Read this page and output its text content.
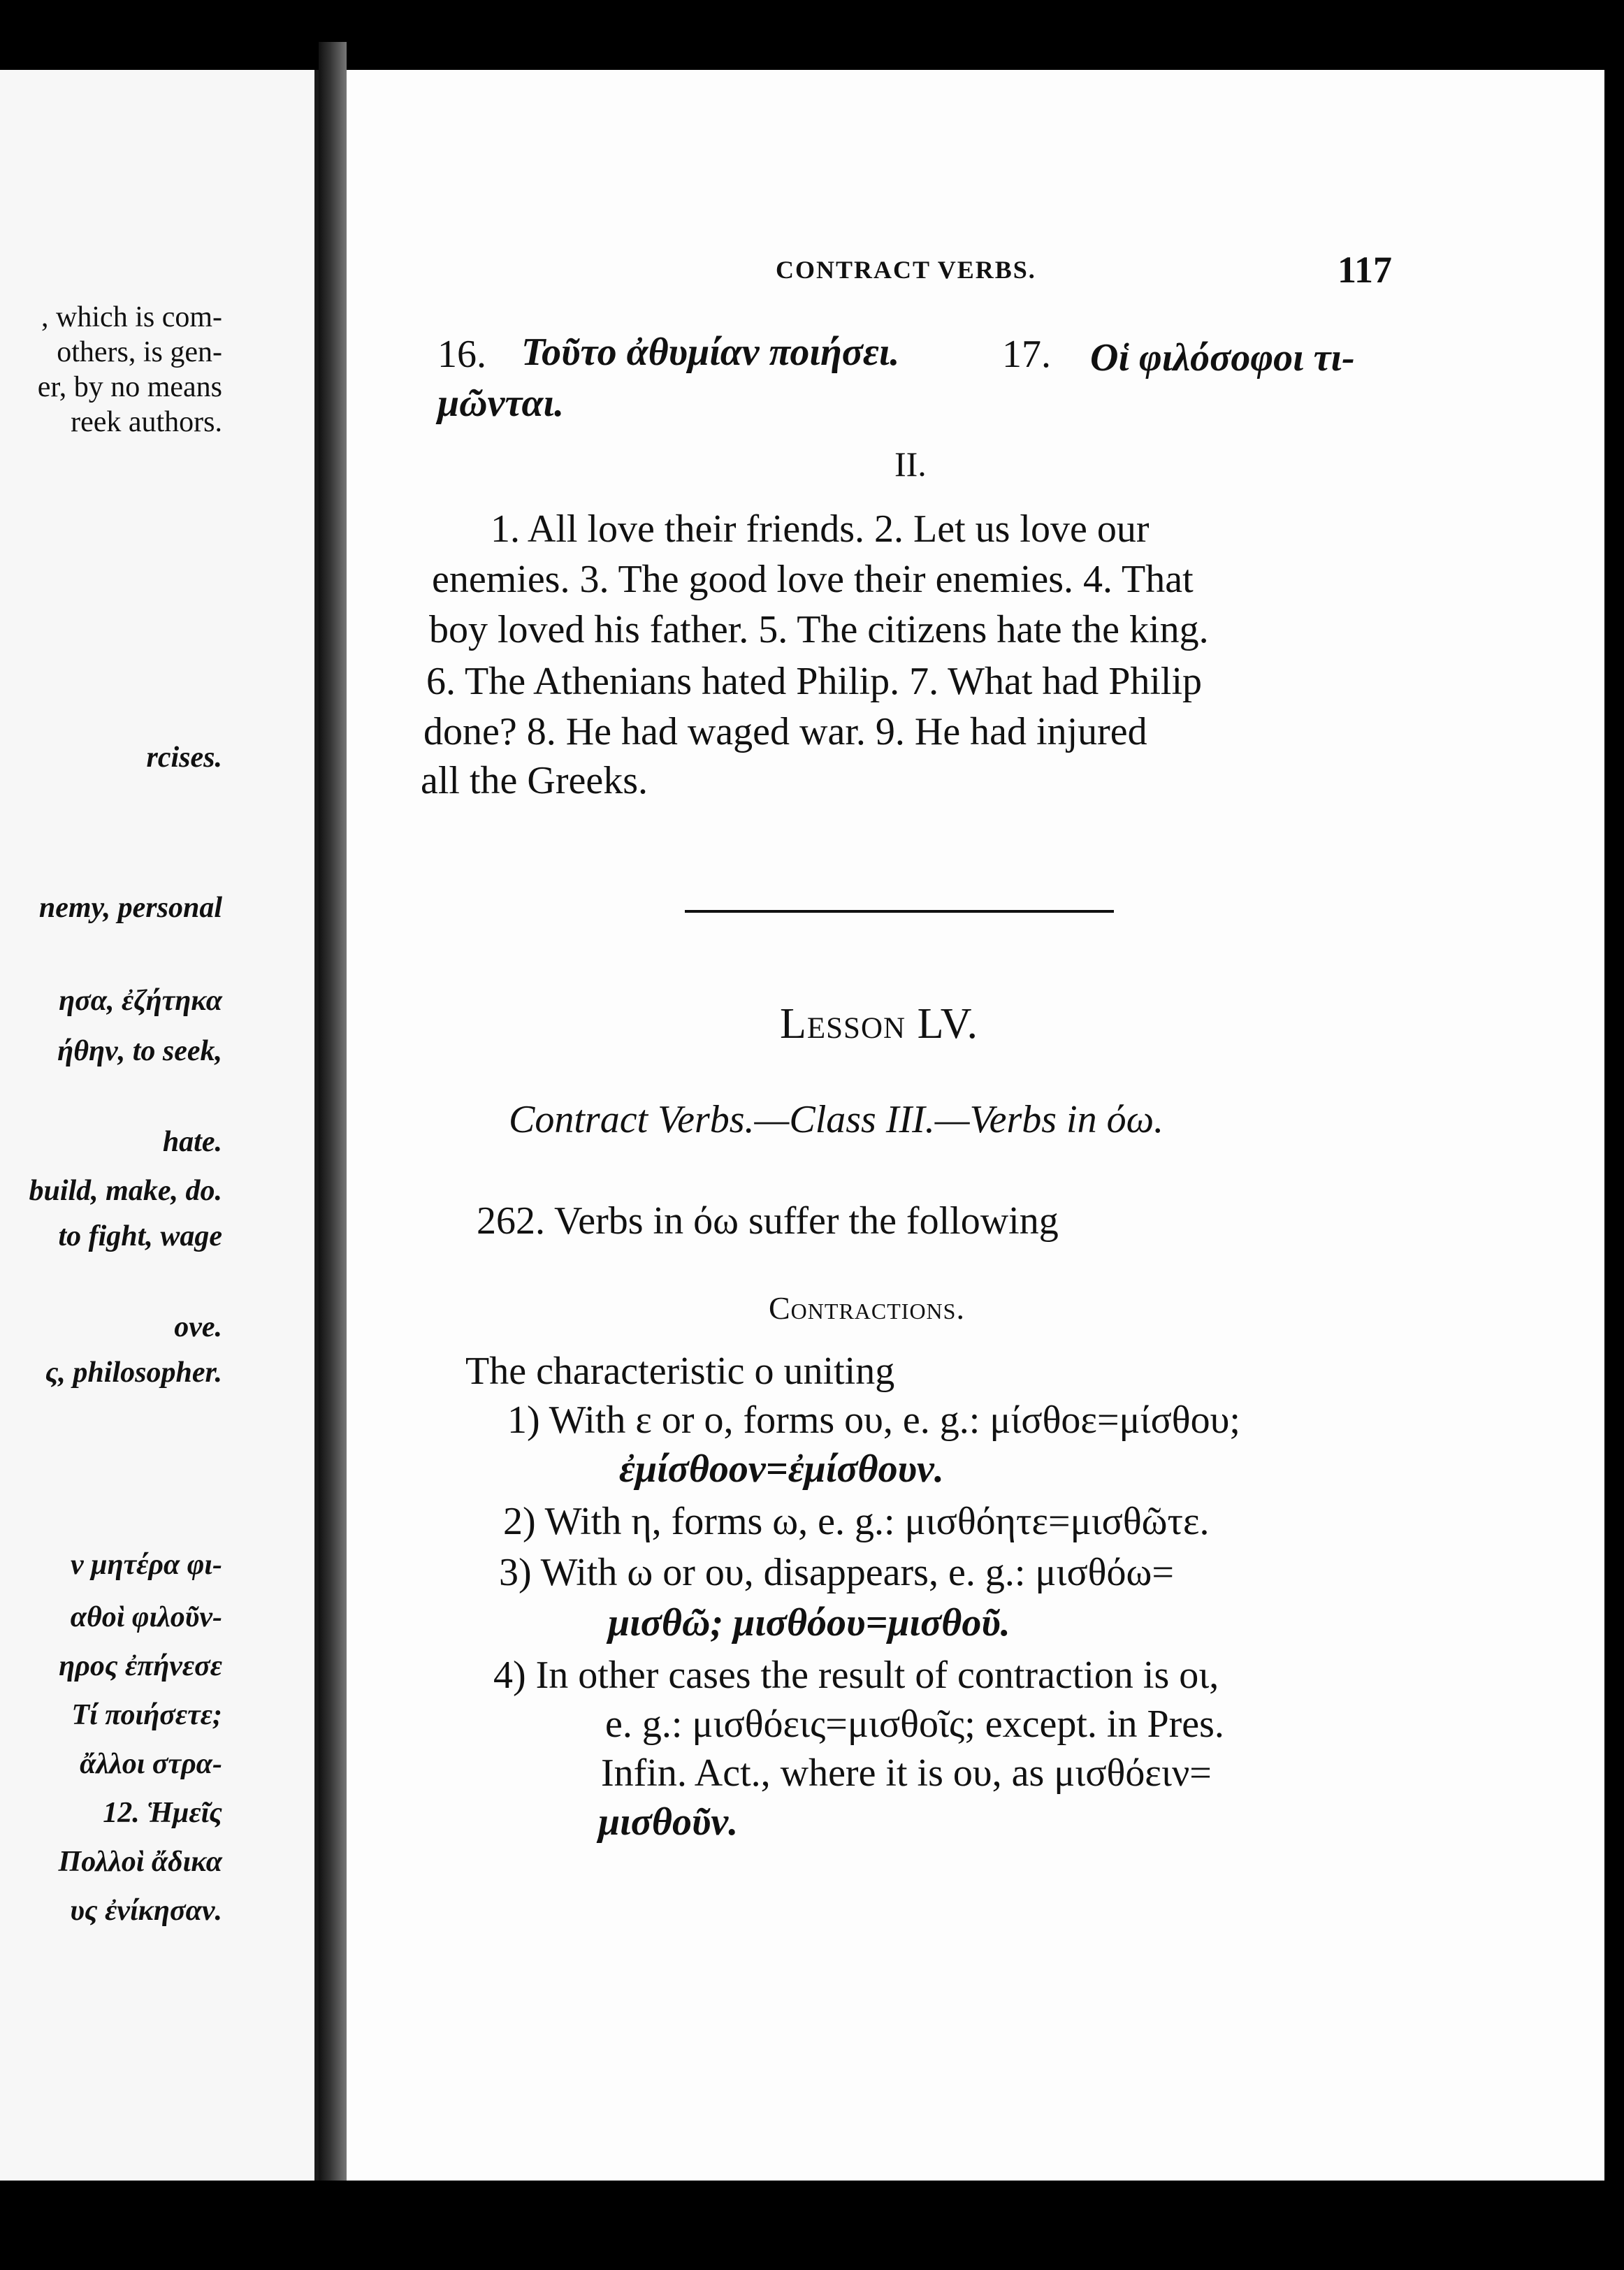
, which is com-
others, is gen-
er, by no means
reek authors.
rcises.
nemy, personal
ησα, ἐζήτηκα
ήθην, to seek,
hate.
build, make, do.
to fight, wage
ove.
ς, philosopher.
ν μητέρα φι-
αθοὶ φιλοῦν-
ηρος ἐπήνεσε
Τί ποιήσετε;
ἄλλοι στρα-
12. Ἡμεῖς
Πολλοὶ ἄδικα
υς ἐνίκησαν.
CONTRACT VERBS.	117
16. Τοῦτο ἀθυμίαν ποιήσει.	17. Οἱ φιλόσοφοι τι-
μῶνται.
II.
1. All love their friends. 2. Let us love our
enemies. 3. The good love their enemies. 4. That
boy loved his father. 5. The citizens hate the king.
6. The Athenians hated Philip. 7. What had Philip
done? 8. He had waged war. 9. He had injured
all the Greeks.
Lesson LV.
Contract Verbs.—Class III.—Verbs in όω.
262. Verbs in όω suffer the following
Contractions.
The characteristic ο uniting
1) With ε or ο, forms ου, e. g.: μίσθοε=μίσθου;
ἐμίσθοον=ἐμίσθουν.
2) With η, forms ω, e. g.: μισθόητε=μισθῶτε.
3) With ω or ου, disappears, e. g.: μισθόω=
μισθῶ; μισθόου=μισθοῦ.
4) In other cases the result of contraction is οι,
e. g.: μισθόεις=μισθοῖς; except. in Pres.
Infin. Act., where it is ου, as μισθόειν=
μισθοῦν.
